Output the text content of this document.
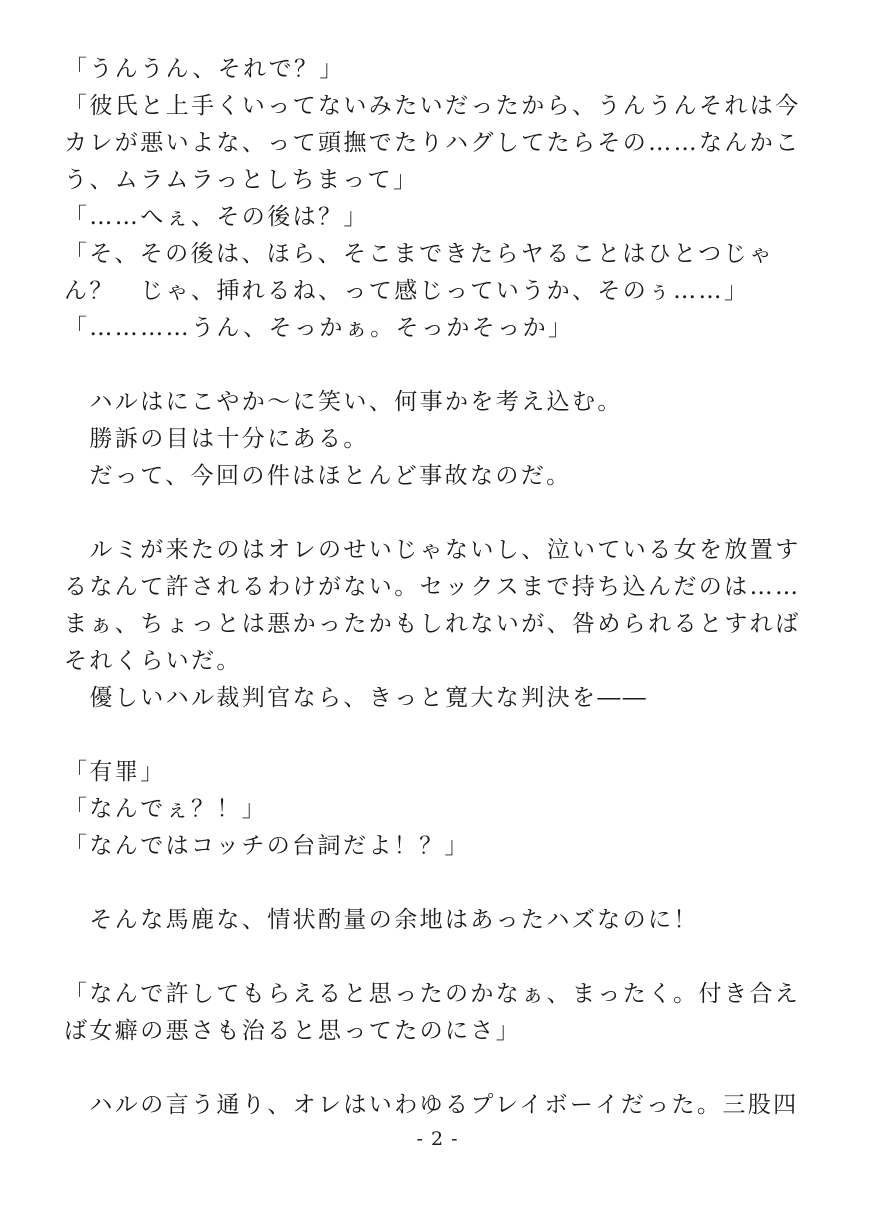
「うんうん、それで？」
「彼氏と上手くいってないみたいだったから、うんうんそれは今
カレが悪いよな、って頭撫でたりハグしてたらその……なんかこ
う、ムラムラっとしちまって」
「……へぇ、その後は？」
「そ、その後は、ほら、そこまできたらヤることはひとつじゃ
ん？　じゃ、挿れるね、って感じっていうか、そのぅ……」
「…………うん、そっかぁ。そっかそっか」
　ハルはにこやか～に笑い、何事かを考え込む。
　勝訴の目は十分にある。
　だって、今回の件はほとんど事故なのだ。
　ルミが来たのはオレのせいじゃないし、泣いている女を放置す
るなんて許されるわけがない。セックスまで持ち込んだのは……
まぁ、ちょっとは悪かったかもしれないが、咎められるとすれば
それくらいだ。
　優しいハル裁判官なら、きっと寛大な判決を――
「有罪」
「なんでぇ？！」
「なんではコッチの台詞だよ！？」
　そんな馬鹿な、情状酌量の余地はあったハズなのに！
「なんで許してもらえると思ったのかなぁ、まったく。付き合え
ば女癖の悪さも治ると思ってたのにさ」
　ハルの言う通り、オレはいわゆるプレイボーイだった。三股四
- 2 -
